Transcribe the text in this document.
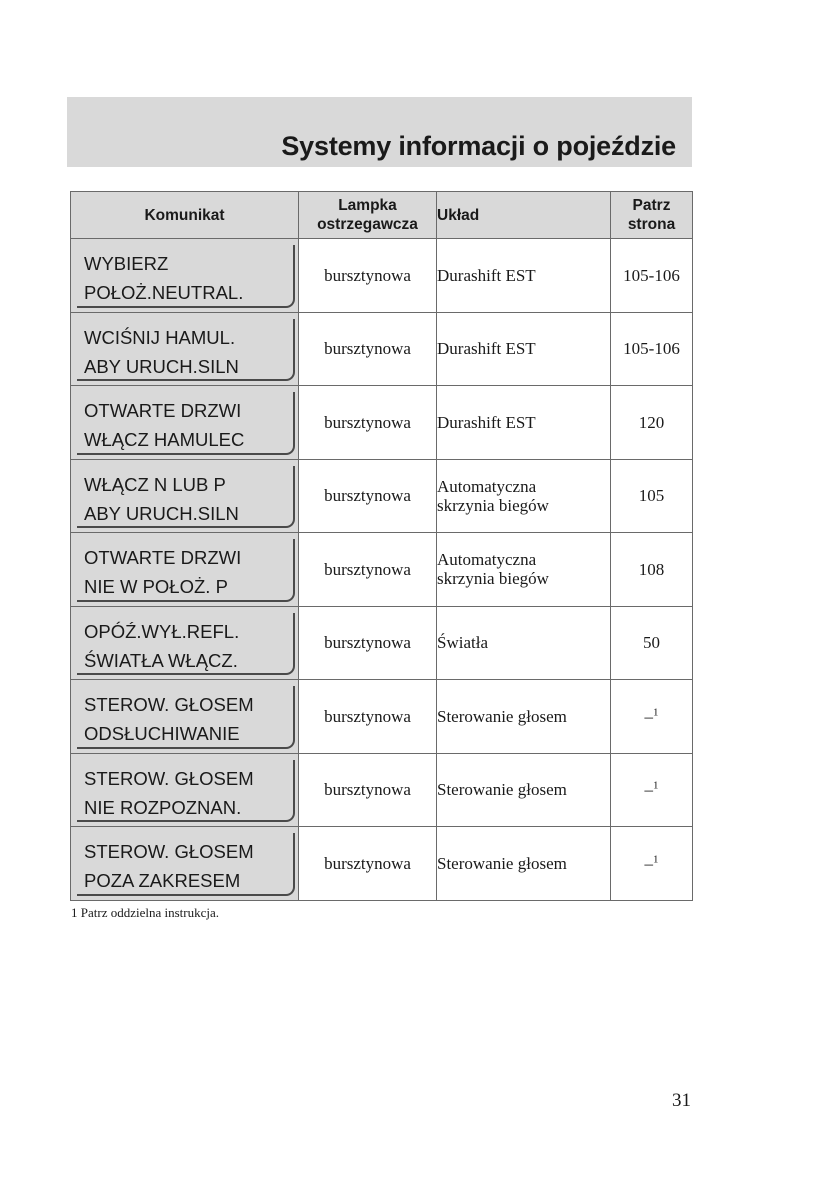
Systemy informacji o pojeździe
Komunikat	Lampka
ostrzegawcza	Układ	Patrz
strona

WYBIERZ
POŁOŻ.NEUTRAL.	bursztynowa	Durashift EST	105-106

WCIŚNIJ HAMUL.
ABY URUCH.SILN	bursztynowa	Durashift EST	105-106

OTWARTE DRZWI
WŁĄCZ HAMULEC	bursztynowa	Durashift EST	120

WŁĄCZ N LUB P
ABY URUCH.SILN	bursztynowa	Automatyczna
skrzynia biegów	105

OTWARTE DRZWI
NIE W POŁOŻ. P	bursztynowa	Automatyczna
skrzynia biegów	108

OPÓŹ.WYŁ.REFL.
ŚWIATŁA WŁĄCZ.	bursztynowa	Światła	50

STEROW. GŁOSEM
ODSŁUCHIWANIE	bursztynowa	Sterowanie głosem	–$^1$

STEROW. GŁOSEM
NIE ROZPOZNAN.	bursztynowa	Sterowanie głosem	–$^1$

STEROW. GŁOSEM
POZA ZAKRESEM	bursztynowa	Sterowanie głosem	–$^1$
1 Patrz oddzielna instrukcja.
31
